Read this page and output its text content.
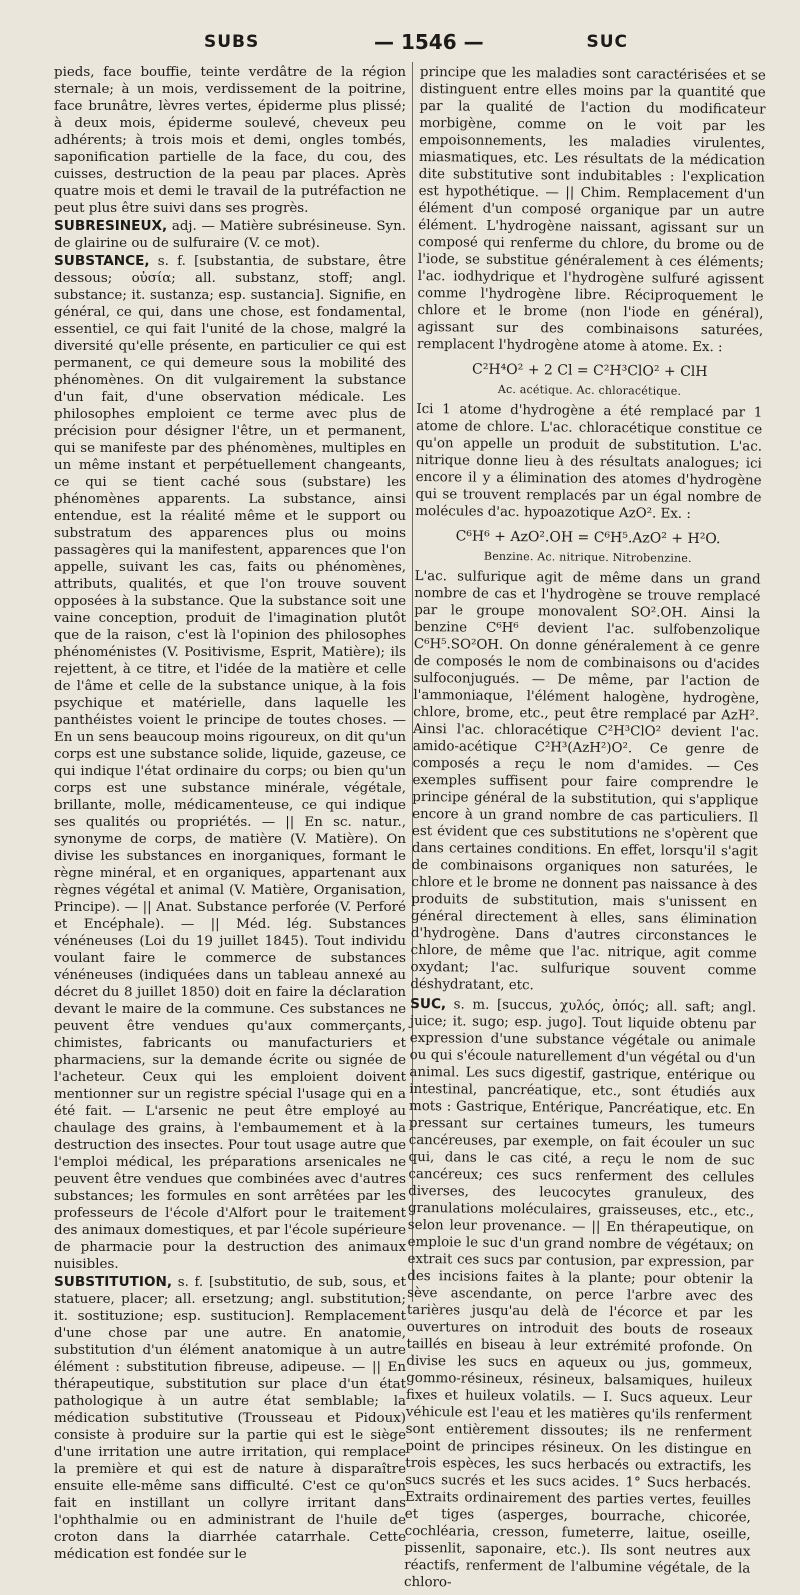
SUBS	— 1546 —	SUC

pieds, face bouffie, teinte verdâtre de la région sternale; à un mois, verdissement de la poitrine, face brunâtre, lèvres vertes, épiderme plus plissé; à deux mois, épiderme soulevé, cheveux peu adhérents; à trois mois et demi, ongles tombés, saponification partielle de la face, du cou, des cuisses, destruction de la peau par places. Après quatre mois et demi le travail de la putréfaction ne peut plus être suivi dans ses progrès.

SUBRESINEUX, adj. — Matière subrésineuse. Syn. de glairine ou de sulfuraire (V. ce mot).

SUBSTANCE, s. f. [substantia, de substare, être dessous; οὐσία; all. substanz, stoff; angl. substance; it. sustanza; esp. sustancia]. Signifie, en général, ce qui, dans une chose, est fondamental, essentiel, ce qui fait l'unité de la chose, malgré la diversité qu'elle présente, en particulier ce qui est permanent, ce qui demeure sous la mobilité des phénomènes. On dit vulgairement la substance d'un fait, d'une observation médicale. Les philosophes emploient ce terme avec plus de précision pour désigner l'être, un et permanent, qui se manifeste par des phénomènes, multiples en un même instant et perpétuellement changeants, ce qui se tient caché sous (substare) les phénomènes apparents. La substance, ainsi entendue, est la réalité même et le support ou substratum des apparences plus ou moins passagères qui la manifestent, apparences que l'on appelle, suivant les cas, faits ou phénomènes, attributs, qualités, et que l'on trouve souvent opposées à la substance. Que la substance soit une vaine conception, produit de l'imagination plutôt que de la raison, c'est là l'opinion des philosophes phénoménistes (V. Positivisme, Esprit, Matière); ils rejettent, à ce titre, et l'idée de la matière et celle de l'âme et celle de la substance unique, à la fois psychique et matérielle, dans laquelle les panthéistes voient le principe de toutes choses. — En un sens beaucoup moins rigoureux, on dit qu'un corps est une substance solide, liquide, gazeuse, ce qui indique l'état ordinaire du corps; ou bien qu'un corps est une substance minérale, végétale, brillante, molle, médicamenteuse, ce qui indique ses qualités ou propriétés. — || En sc. natur., synonyme de corps, de matière (V. Matière). On divise les substances en inorganiques, formant le règne minéral, et en organiques, appartenant aux règnes végétal et animal (V. Matière, Organisation, Principe). — || Anat. Substance perforée (V. Perforé et Encéphale). — || Méd. lég. Substances vénéneuses (Loi du 19 juillet 1845). Tout individu voulant faire le commerce de substances vénéneuses (indiquées dans un tableau annexé au décret du 8 juillet 1850) doit en faire la déclaration devant le maire de la commune. Ces substances ne peuvent être vendues qu'aux commerçants, chimistes, fabricants ou manufacturiers et pharmaciens, sur la demande écrite ou signée de l'acheteur. Ceux qui les emploient doivent mentionner sur un registre spécial l'usage qui en a été fait. — L'arsenic ne peut être employé au chaulage des grains, à l'embaumement et à la destruction des insectes. Pour tout usage autre que l'emploi médical, les préparations arsenicales ne peuvent être vendues que combinées avec d'autres substances; les formules en sont arrêtées par les professeurs de l'école d'Alfort pour le traitement des animaux domestiques, et par l'école supérieure de pharmacie pour la destruction des animaux nuisibles.

SUBSTITUTION, s. f. [substitutio, de sub, sous, et statuere, placer; all. ersetzung; angl. substitution; it. sostituzione; esp. sustitucion]. Remplacement d'une chose par une autre. En anatomie, substitution d'un élément anatomique à un autre élément : substitution fibreuse, adipeuse. — || En thérapeutique, substitution sur place d'un état pathologique à un autre état semblable; la médication substitutive (Trousseau et Pidoux) consiste à produire sur la partie qui est le siège d'une irritation une autre irritation, qui remplace la première et qui est de nature à disparaître ensuite elle-même sans difficulté. C'est ce qu'on fait en instillant un collyre irritant dans l'ophthalmie ou en administrant de l'huile de croton dans la diarrhée catarrhale. Cette médication est fondée sur le

principe que les maladies sont caractérisées et se distinguent entre elles moins par la quantité que par la qualité de l'action du modificateur morbigène, comme on le voit par les empoisonnements, les maladies virulentes, miasmatiques, etc. Les résultats de la médication dite substitutive sont indubitables : l'explication est hypothétique. — || Chim. Remplacement d'un élément d'un composé organique par un autre élément. L'hydrogène naissant, agissant sur un composé qui renferme du chlore, du brome ou de l'iode, se substitue généralement à ces éléments; l'ac. iodhydrique et l'hydrogène sulfuré agissent comme l'hydrogène libre. Réciproquement le chlore et le brome (non l'iode en général), agissant sur des combinaisons saturées, remplacent l'hydrogène atome à atome. Ex. :

C²H⁴O² + 2 Cl = C²H³ClO² + ClH
Ac. acétique. Ac. chloracétique.

Ici 1 atome d'hydrogène a été remplacé par 1 atome de chlore. L'ac. chloracétique constitue ce qu'on appelle un produit de substitution. L'ac. nitrique donne lieu à des résultats analogues; ici encore il y a élimination des atomes d'hydrogène qui se trouvent remplacés par un égal nombre de molécules d'ac. hypoazotique AzO². Ex. :

C⁶H⁶ + AzO².OH = C⁶H⁵.AzO² + H²O.
Benzine. Ac. nitrique. Nitrobenzine.

L'ac. sulfurique agit de même dans un grand nombre de cas et l'hydrogène se trouve remplacé par le groupe monovalent SO².OH. Ainsi la benzine C⁶H⁶ devient l'ac. sulfobenzolique C⁶H⁵.SO²OH. On donne généralement à ce genre de composés le nom de combinaisons ou d'acides sulfoconjugués. — De même, par l'action de l'ammoniaque, l'élément halogène, hydrogène, chlore, brome, etc., peut être remplacé par AzH². Ainsi l'ac. chloracétique C²H³ClO² devient l'ac. amido-acétique C²H³(AzH²)O². Ce genre de composés a reçu le nom d'amides. — Ces exemples suffisent pour faire comprendre le principe général de la substitution, qui s'applique encore à un grand nombre de cas particuliers. Il est évident que ces substitutions ne s'opèrent que dans certaines conditions. En effet, lorsqu'il s'agit de combinaisons organiques non saturées, le chlore et le brome ne donnent pas naissance à des produits de substitution, mais s'unissent en général directement à elles, sans élimination d'hydrogène. Dans d'autres circonstances le chlore, de même que l'ac. nitrique, agit comme oxydant; l'ac. sulfurique souvent comme déshydratant, etc.

SUC, s. m. [succus, χυλός, ὀπός; all. saft; angl. juice; it. sugo; esp. jugo]. Tout liquide obtenu par expression d'une substance végétale ou animale ou qui s'écoule naturellement d'un végétal ou d'un animal. Les sucs digestif, gastrique, entérique ou intestinal, pancréatique, etc., sont étudiés aux mots : Gastrique, Entérique, Pancréatique, etc. En pressant sur certaines tumeurs, les tumeurs cancéreuses, par exemple, on fait écouler un suc qui, dans le cas cité, a reçu le nom de suc cancéreux; ces sucs renferment des cellules diverses, des leucocytes granuleux, des granulations moléculaires, graisseuses, etc., etc., selon leur provenance. — || En thérapeutique, on emploie le suc d'un grand nombre de végétaux; on extrait ces sucs par contusion, par expression, par des incisions faites à la plante; pour obtenir la sève ascendante, on perce l'arbre avec des tarières jusqu'au delà de l'écorce et par les ouvertures on introduit des bouts de roseaux taillés en biseau à leur extrémité profonde. On divise les sucs en aqueux ou jus, gommeux, gommo-résineux, résineux, balsamiques, huileux fixes et huileux volatils. — I. Sucs aqueux. Leur véhicule est l'eau et les matières qu'ils renferment sont entièrement dissoutes; ils ne renferment point de principes résineux. On les distingue en trois espèces, les sucs herbacés ou extractifs, les sucs sucrés et les sucs acides. 1° Sucs herbacés. Extraits ordinairement des parties vertes, feuilles et tiges (asperges, bourrache, chicorée, cochléaria, cresson, fumeterre, laitue, oseille, pissenlit, saponaire, etc.). Ils sont neutres aux réactifs, renferment de l'albumine végétale, de la chloro-
